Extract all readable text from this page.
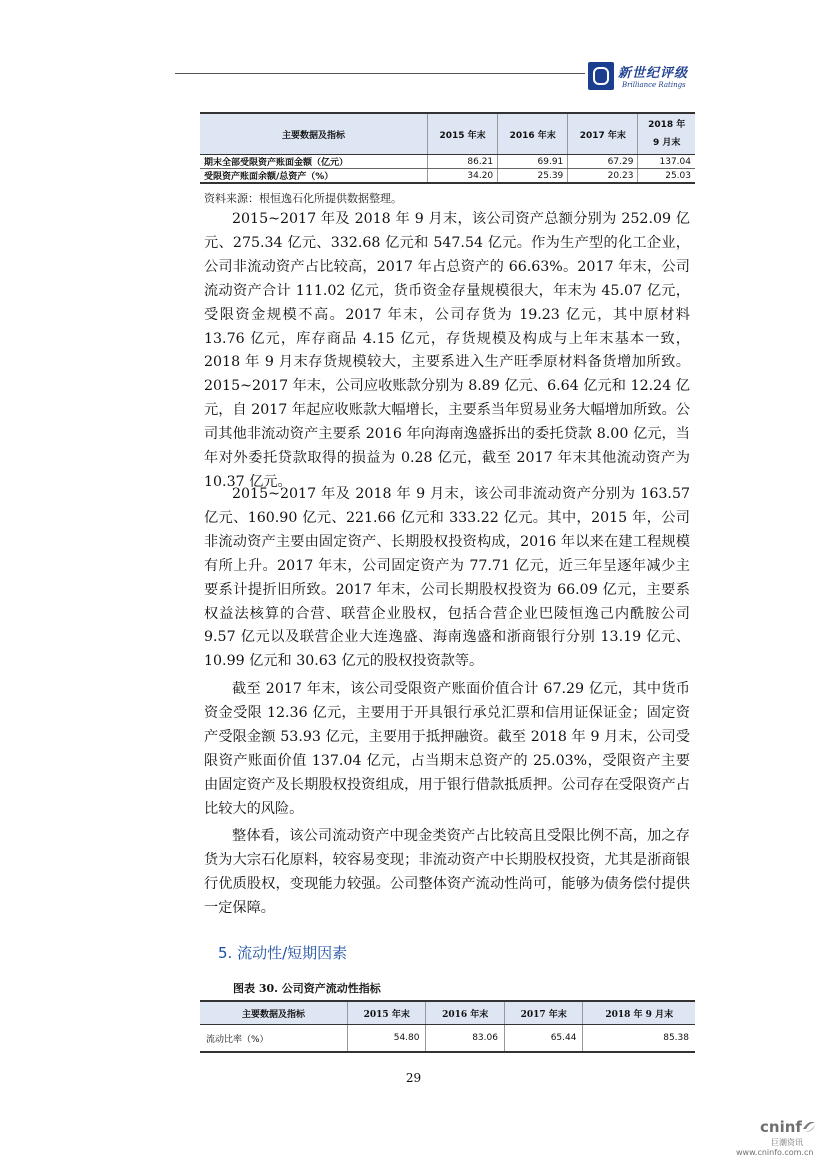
新世纪评级
Brilliance Ratings
主要数据及指标	2015 年末	2016 年末	2017 年末	2018 年
9 月末
期末全部受限资产账面金额（亿元）	86.21	69.91	67.29	137.04
受限资产账面余额/总资产（%）	34.20	25.39	20.23	25.03
资料来源：根恒逸石化所提供数据整理。

2015~2017 年及 2018 年 9 月末，该公司资产总额分别为 252.09 亿元、275.34 亿元、332.68 亿元和 547.54 亿元。作为生产型的化工企业，公司非流动资产占比较高，2017 年占总资产的 66.63%。2017 年末，公司流动资产合计 111.02 亿元，货币资金存量规模很大，年末为 45.07 亿元，受限资金规模不高。2017 年末，公司存货为 19.23 亿元，其中原材料 13.76 亿元，库存商品 4.15 亿元，存货规模及构成与上年末基本一致，2018 年 9 月末存货规模较大，主要系进入生产旺季原材料备货增加所致。2015~2017 年末，公司应收账款分别为 8.89 亿元、6.64 亿元和 12.24 亿元，自 2017 年起应收账款大幅增长，主要系当年贸易业务大幅增加所致。公司其他非流动资产主要系 2016 年向海南逸盛拆出的委托贷款 8.00 亿元，当年对外委托贷款取得的损益为 0.28 亿元，截至 2017 年末其他流动资产为 10.37 亿元。

2015~2017 年及 2018 年 9 月末，该公司非流动资产分别为 163.57 亿元、160.90 亿元、221.66 亿元和 333.22 亿元。其中，2015 年，公司非流动资产主要由固定资产、长期股权投资构成，2016 年以来在建工程规模有所上升。2017 年末，公司固定资产为 77.71 亿元，近三年呈逐年减少主要系计提折旧所致。2017 年末，公司长期股权投资为 66.09 亿元，主要系权益法核算的合营、联营企业股权，包括合营企业巴陵恒逸己内酰胺公司 9.57 亿元以及联营企业大连逸盛、海南逸盛和浙商银行分别 13.19 亿元、10.99 亿元和 30.63 亿元的股权投资款等。

截至 2017 年末，该公司受限资产账面价值合计 67.29 亿元，其中货币资金受限 12.36 亿元，主要用于开具银行承兑汇票和信用证保证金；固定资产受限金额 53.93 亿元，主要用于抵押融资。截至 2018 年 9 月末，公司受限资产账面价值 137.04 亿元，占当期末总资产的 25.03%，受限资产主要由固定资产及长期股权投资组成，用于银行借款抵质押。公司存在受限资产占比较大的风险。

整体看，该公司流动资产中现金类资产占比较高且受限比例不高，加之存货为大宗石化原料，较容易变现；非流动资产中长期股权投资，尤其是浙商银行优质股权，变现能力较强。公司整体资产流动性尚可，能够为债务偿付提供一定保障。

5. 流动性/短期因素
图表 30. 公司资产流动性指标
主要数据及指标	2015 年末	2016 年末	2017 年末	2018 年 9 月末
流动比率（%）	54.80	83.06	65.44	85.38
29
cninf
巨潮资讯
www.cninfo.com.cn
